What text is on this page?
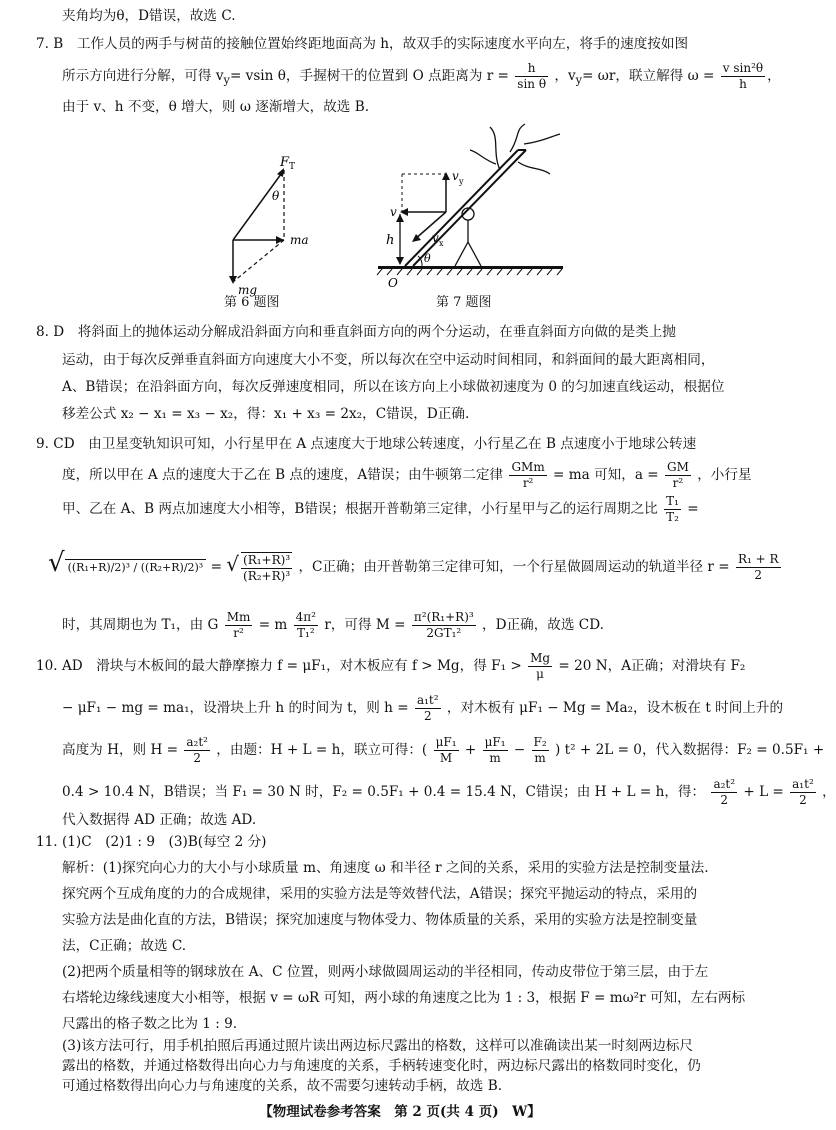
夹角均为θ，D错误，故选 C.
7. B　工作人员的两手与树苗的接触位置始终距地面高为 h，故双手的实际速度水平向左，将手的速度按如图
所示方向进行分解，可得 $v_y= vsin$ θ，手握树干的位置到 O 点距离为 $r = \frac{h}{\text{sin θ}}$ ，$v_y= \omega r$，联立解得 $\omega = \frac{\text{v sin²θ}}{h}$ ，
由于 v、h 不变，θ 增大，则 ω 逐渐增大，故选 B.
F T
θ
ma
mg
v y
v
v x
h
θ
O
第 6 题图	第 7 题图
8. D　将斜面上的抛体运动分解成沿斜面方向和垂直斜面方向的两个分运动，在垂直斜面方向做的是类上抛
运动，由于每次反弹垂直斜面方向速度大小不变，所以每次在空中运动时间相同，和斜面间的最大距离相同，
A、B错误；在沿斜面方向，每次反弹速度相同，所以在该方向上小球做初速度为 0 的匀加速直线运动，根据位
移差公式 x₂ − x₁ = x₃ − x₂，得：x₁ + x₃ = 2x₂，C错误，D正确.
9. CD　由卫星变轨知识可知，小行星甲在 A 点速度大于地球公转速度，小行星乙在 B 点速度小于地球公转速
度，所以甲在 A 点的速度大于乙在 B 点的速度，A错误；由牛顿第二定律 $\frac{\text{GMm}}{\text{r²}}$ = ma 可知，$a = \frac{GM}{\text{r²}}$ ，小行星
甲、乙在 A、B 两点加速度大小相等，B错误；根据开普勒第三定律，小行星甲与乙的运行周期之比 $\frac{\text{T₁}}{\text{T₂}}$ =
√ ((R₁+R)/2)³ / ((R₂+R)/2)³ = √ $\frac{\text{(R₁+R)³}}{\text{(R₂+R)³}}$ ，C正确；由开普勒第三定律可知，一个行星做圆周运动的轨道半径 $r = \frac{\text{R₁ + R}}{2}$
时，其周期也为 T₁，由 G $\frac{Mm}{\text{r²}} = m \frac{\text{4π²}}{\text{T₁²}}$ r，可得 $M = \frac{\text{π²(R₁+R)³}}{\text{2GT₁²}}$ ，D正确，故选 CD.
10. AD　滑块与木板间的最大静摩擦力 f = μF₁，对木板应有 f > Mg，得 $F_1 > \frac{Mg}{\mu} = 20$ N，A正确；对滑块有 F₂
− μF₁ − mg = ma₁，设滑块上升 h 的时间为 t，则 $h = \frac{\text{a₁t²}}{2}$ ，对木板有 μF₁ − Mg = Ma₂，设木板在 t 时间上升的
高度为 H，则 $H = \frac{\text{a₂t²}}{2}$ ，由题：H + L = h，联立可得：( $\frac{\text{μF₁}}{M} + \frac{\text{μF₁}}{m} - \frac{\text{F₂}}{m}$ ) t² + 2L = 0，代入数据得：F₂ = 0.5F₁ +
0.4 > 10.4 N，B错误；当 F₁ = 30 N 时，F₂ = 0.5F₁ + 0.4 = 15.4 N，C错误；由 H + L = h，得： $\frac{\text{a₂t²}}{2} + L = \frac{\text{a₁t²}}{2}$ ，
代入数据得 AD 正确；故选 AD.
11. (1)C　(2)1 : 9　(3)B(每空 2 分)
解析：(1)探究向心力的大小与小球质量 m、角速度 ω 和半径 r 之间的关系，采用的实验方法是控制变量法.
探究两个互成角度的力的合成规律，采用的实验方法是等效替代法，A错误；探究平抛运动的特点，采用的
实验方法是曲化直的方法，B错误；探究加速度与物体受力、物体质量的关系，采用的实验方法是控制变量
法，C正确；故选 C.
(2)把两个质量相等的钢球放在 A、C 位置，则两小球做圆周运动的半径相同，传动皮带位于第三层，由于左
右塔轮边缘线速度大小相等，根据 v = ωR 可知，两小球的角速度之比为 1 : 3，根据 F = mω²r 可知，左右两标
尺露出的格子数之比为 1 : 9.
(3)该方法可行，用手机拍照后再通过照片读出两边标尺露出的格数，这样可以准确读出某一时刻两边标尺
露出的格数，并通过格数得出向心力与角速度的关系，手柄转速变化时，两边标尺露出的格数同时变化，仍
可通过格数得出向心力与角速度的关系，故不需要匀速转动手柄，故选 B.
【物理试卷参考答案　第 2 页(共 4 页)　W】
